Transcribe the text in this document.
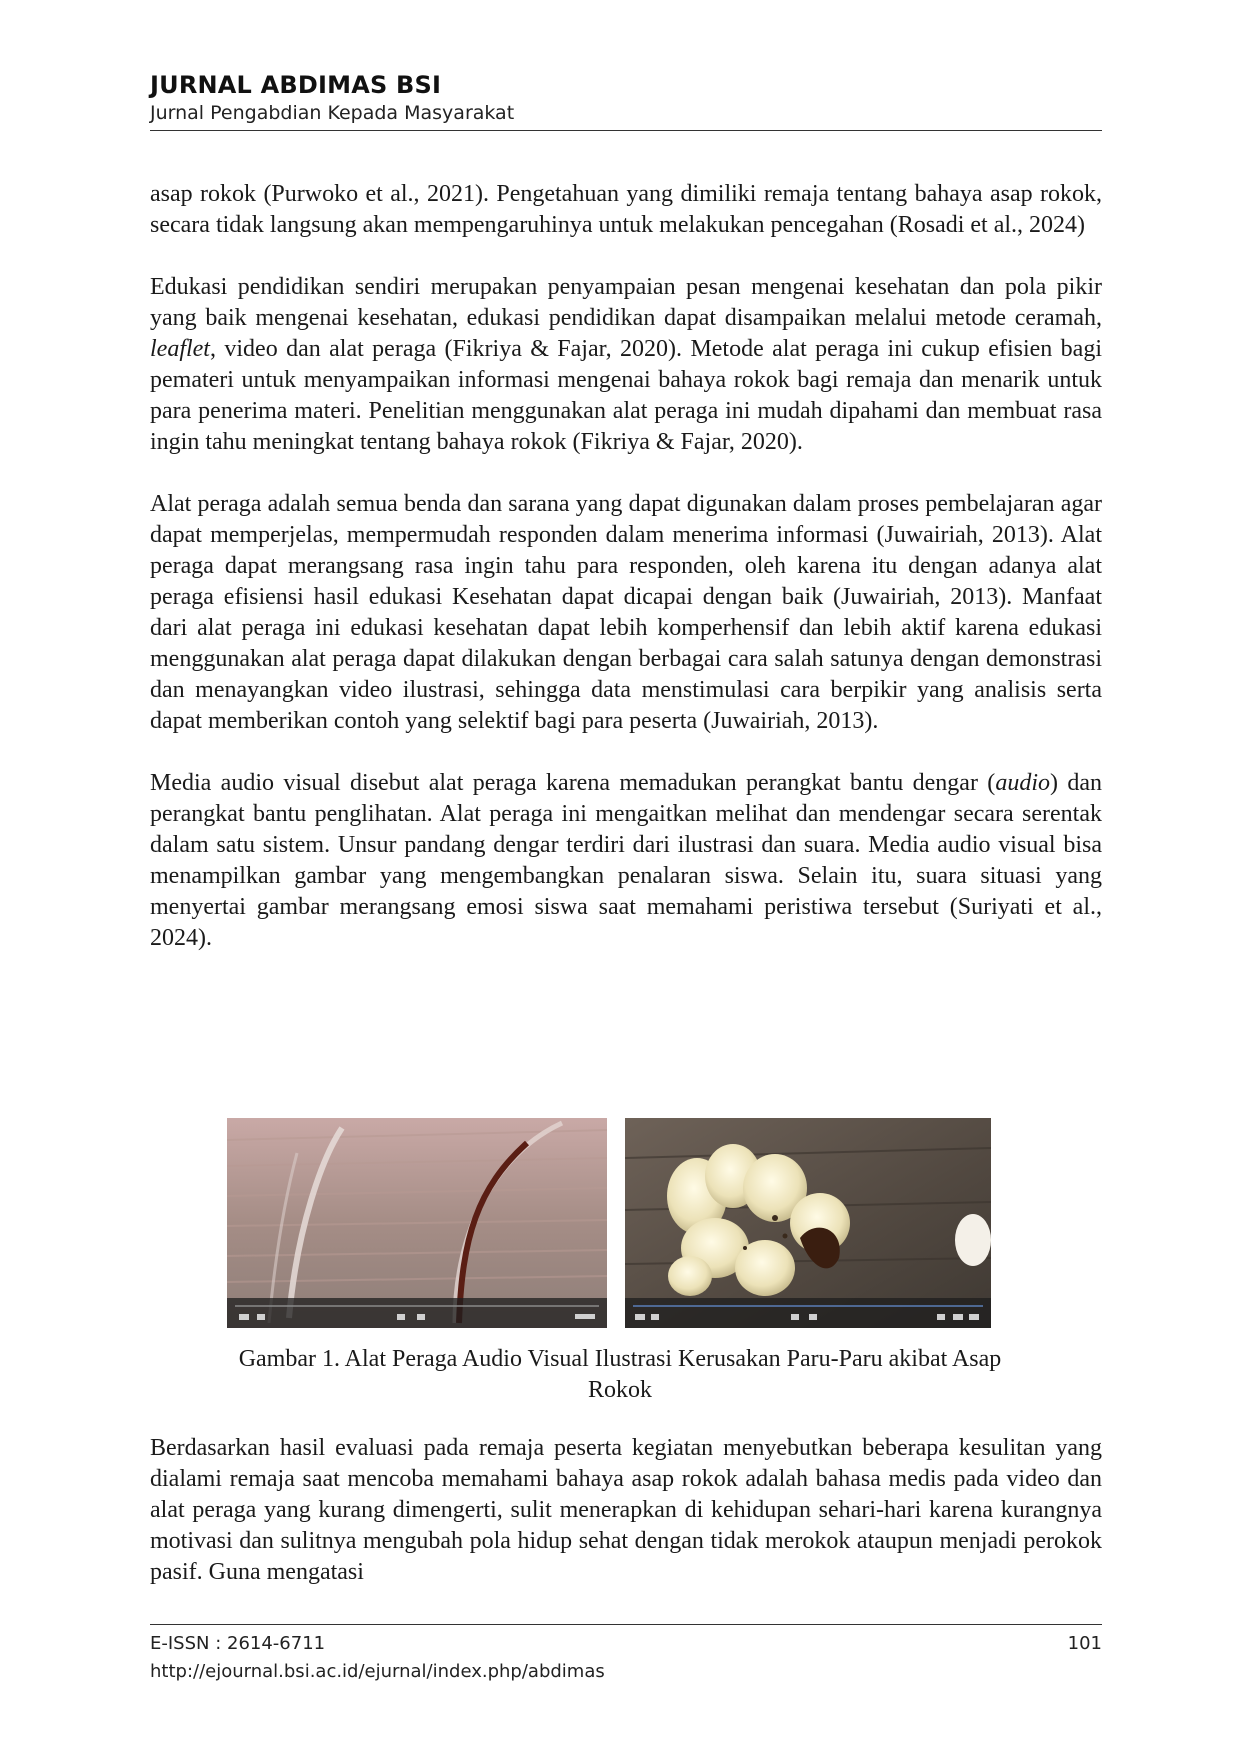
JURNAL ABDIMAS BSI
Jurnal Pengabdian Kepada Masyarakat

asap rokok (Purwoko et al., 2021). Pengetahuan yang dimiliki remaja tentang bahaya asap rokok, secara tidak langsung akan mempengaruhinya untuk melakukan pencegahan (Rosadi et al., 2024)

Edukasi pendidikan sendiri merupakan penyampaian pesan mengenai kesehatan dan pola pikir yang baik mengenai kesehatan, edukasi pendidikan dapat disampaikan melalui metode ceramah, leaflet, video dan alat peraga (Fikriya & Fajar, 2020). Metode alat peraga ini cukup efisien bagi pemateri untuk menyampaikan informasi mengenai bahaya rokok bagi remaja dan menarik untuk para penerima materi. Penelitian menggunakan alat peraga ini mudah dipahami dan membuat rasa ingin tahu meningkat tentang bahaya rokok (Fikriya & Fajar, 2020).

Alat peraga adalah semua benda dan sarana yang dapat digunakan dalam proses pembelajaran agar dapat memperjelas, mempermudah responden dalam menerima informasi (Juwairiah, 2013). Alat peraga dapat merangsang rasa ingin tahu para responden, oleh karena itu dengan adanya alat peraga efisiensi hasil edukasi Kesehatan dapat dicapai dengan baik (Juwairiah, 2013). Manfaat dari alat peraga ini edukasi kesehatan dapat lebih komperhensif dan lebih aktif karena edukasi menggunakan alat peraga dapat dilakukan dengan berbagai cara salah satunya dengan demonstrasi dan menayangkan video ilustrasi, sehingga data menstimulasi cara berpikir yang analisis serta dapat memberikan contoh yang selektif bagi para peserta (Juwairiah, 2013).

Media audio visual disebut alat peraga karena memadukan perangkat bantu dengar (audio) dan perangkat bantu penglihatan. Alat peraga ini mengaitkan melihat dan mendengar secara serentak dalam satu sistem. Unsur pandang dengar terdiri dari ilustrasi dan suara. Media audio visual bisa menampilkan gambar yang mengembangkan penalaran siswa. Selain itu, suara situasi yang menyertai gambar merangsang emosi siswa saat memahami peristiwa tersebut (Suriyati et al., 2024).

Gambar 1. Alat Peraga Audio Visual Ilustrasi Kerusakan Paru-Paru akibat Asap
Rokok

Berdasarkan hasil evaluasi pada remaja peserta kegiatan menyebutkan beberapa kesulitan yang dialami remaja saat mencoba memahami bahaya asap rokok adalah bahasa medis pada video dan alat peraga yang kurang dimengerti, sulit menerapkan di kehidupan sehari-hari karena kurangnya motivasi dan sulitnya mengubah pola hidup sehat dengan tidak merokok ataupun menjadi perokok pasif. Guna mengatasi

E-ISSN : 2614-6711	101
http://ejournal.bsi.ac.id/ejurnal/index.php/abdimas
